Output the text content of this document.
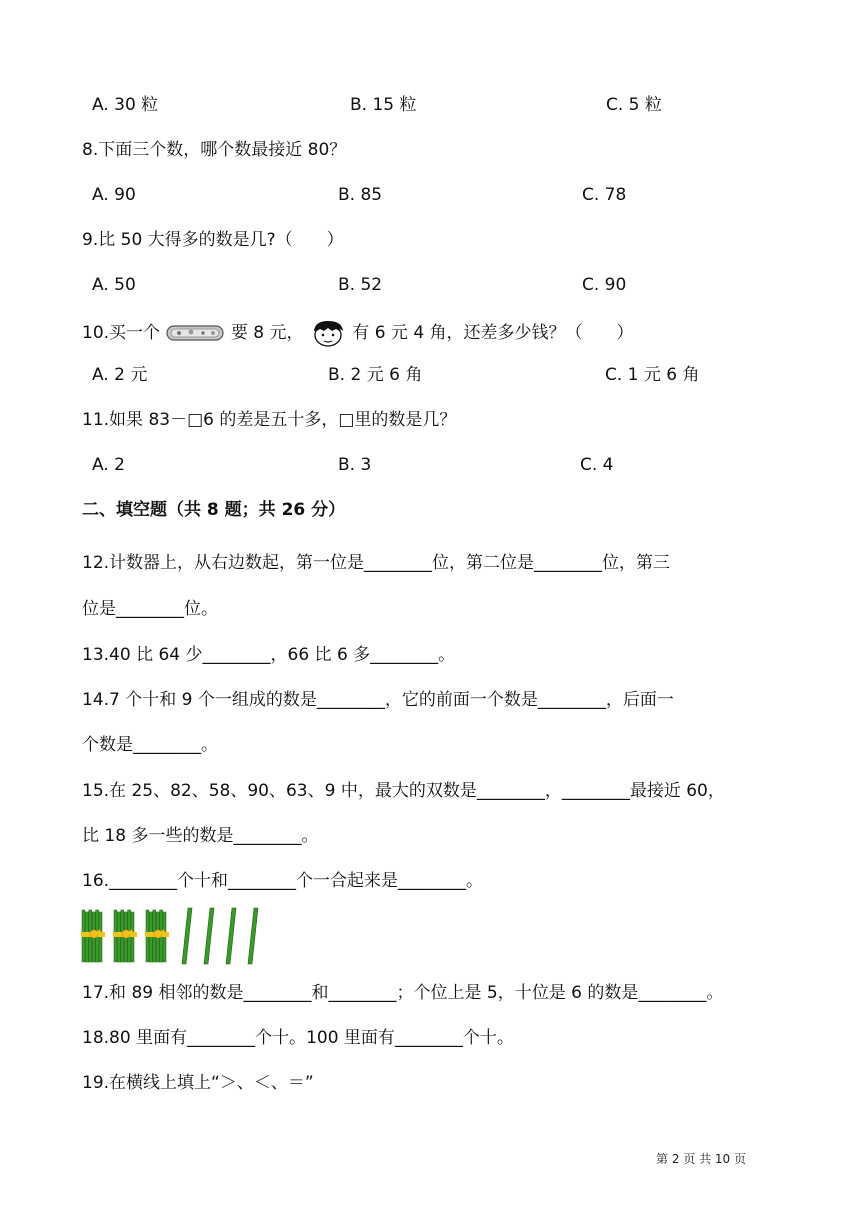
A. 30 粒	B. 15 粒	C. 5 粒
8.下面三个数，哪个数最接近 80？
A. 90	B. 85	C. 78
9.比 50 大得多的数是几?（　　）
A. 50	B. 52	C. 90
10.买一个	要 8 元，	有 6 元 4 角，还差多少钱？（　　）
A. 2 元	B. 2 元 6 角	C. 1 元 6 角
11.如果 83－□6 的差是五十多，□里的数是几？
A. 2	B. 3	C. 4
二、填空题（共 8 题；共 26 分）
12.计数器上，从右边数起，第一位是________位，第二位是________位，第三
位是________位。
13.40 比 64 少________，66 比 6 多________。
14.7 个十和 9 个一组成的数是________，它的前面一个数是________，后面一
个数是________。
15.在 25、82、58、90、63、9 中，最大的双数是________，________最接近 60，
比 18 多一些的数是________。
16.________个十和________个一合起来是________。
17.和 89 相邻的数是________和________；个位上是 5，十位是 6 的数是________。
18.80 里面有________个十。100 里面有________个十。
19.在横线上填上“＞、＜、＝”
第 2 页 共 10 页
